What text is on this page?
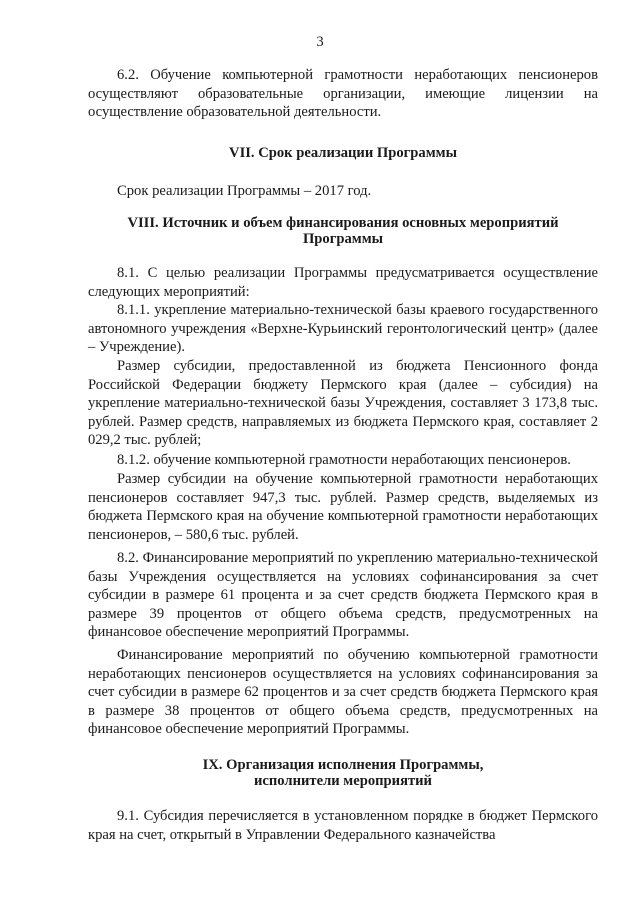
3

6.2. Обучение компьютерной грамотности неработающих пенсионеров осуществляют образовательные организации, имеющие лицензии на осуществление образовательной деятельности.

VII. Срок реализации Программы

Срок реализации Программы – 2017 год.

VIII. Источник и объем финансирования основных мероприятий
Программы

8.1. С целью реализации Программы предусматривается осуществление следующих мероприятий:

8.1.1. укрепление материально-технической базы краевого государственного автономного учреждения «Верхне-Курьинский геронтологический центр» (далее – Учреждение).

Размер субсидии, предоставленной из бюджета Пенсионного фонда Российской Федерации бюджету Пермского края (далее – субсидия) на укрепление материально-технической базы Учреждения, составляет 3 173,8 тыс. рублей. Размер средств, направляемых из бюджета Пермского края, составляет 2 029,2 тыс. рублей;

8.1.2. обучение компьютерной грамотности неработающих пенсионеров.

Размер субсидии на обучение компьютерной грамотности неработающих пенсионеров составляет 947,3 тыс. рублей. Размер средств, выделяемых из бюджета Пермского края на обучение компьютерной грамотности неработающих пенсионеров, – 580,6 тыс. рублей.

8.2. Финансирование мероприятий по укреплению материально-технической базы Учреждения осуществляется на условиях софинансирования за счет субсидии в размере 61 процента и за счет средств бюджета Пермского края в размере 39 процентов от общего объема средств, предусмотренных на финансовое обеспечение мероприятий Программы.

Финансирование мероприятий по обучению компьютерной грамотности неработающих пенсионеров осуществляется на условиях софинансирования за счет субсидии в размере 62 процентов и за счет средств бюджета Пермского края в размере 38 процентов от общего объема средств, предусмотренных на финансовое обеспечение мероприятий Программы.

IX. Организация исполнения Программы,
исполнители мероприятий

9.1. Субсидия перечисляется в установленном порядке в бюджет Пермского края на счет, открытый в Управлении Федерального казначейства
